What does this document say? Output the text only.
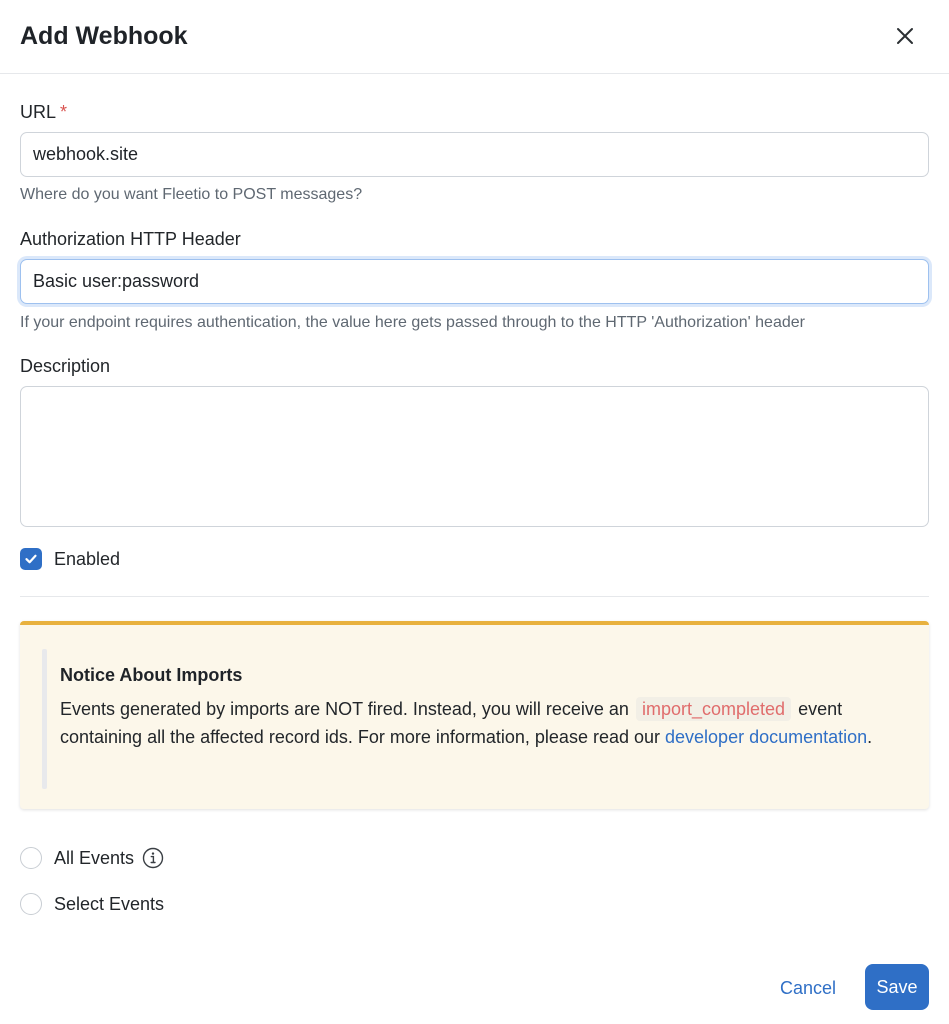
Add Webhook
URL *
webhook.site
Where do you want Fleetio to POST messages?
Authorization HTTP Header
Basic user:password
If your endpoint requires authentication, the value here gets passed through to the HTTP 'Authorization' header
Description
Enabled
Notice About Imports
Events generated by imports are NOT fired. Instead, you will receive an import_completed event containing all the affected record ids. For more information, please read our developer documentation.
All Events
Select Events
Cancel	Save
